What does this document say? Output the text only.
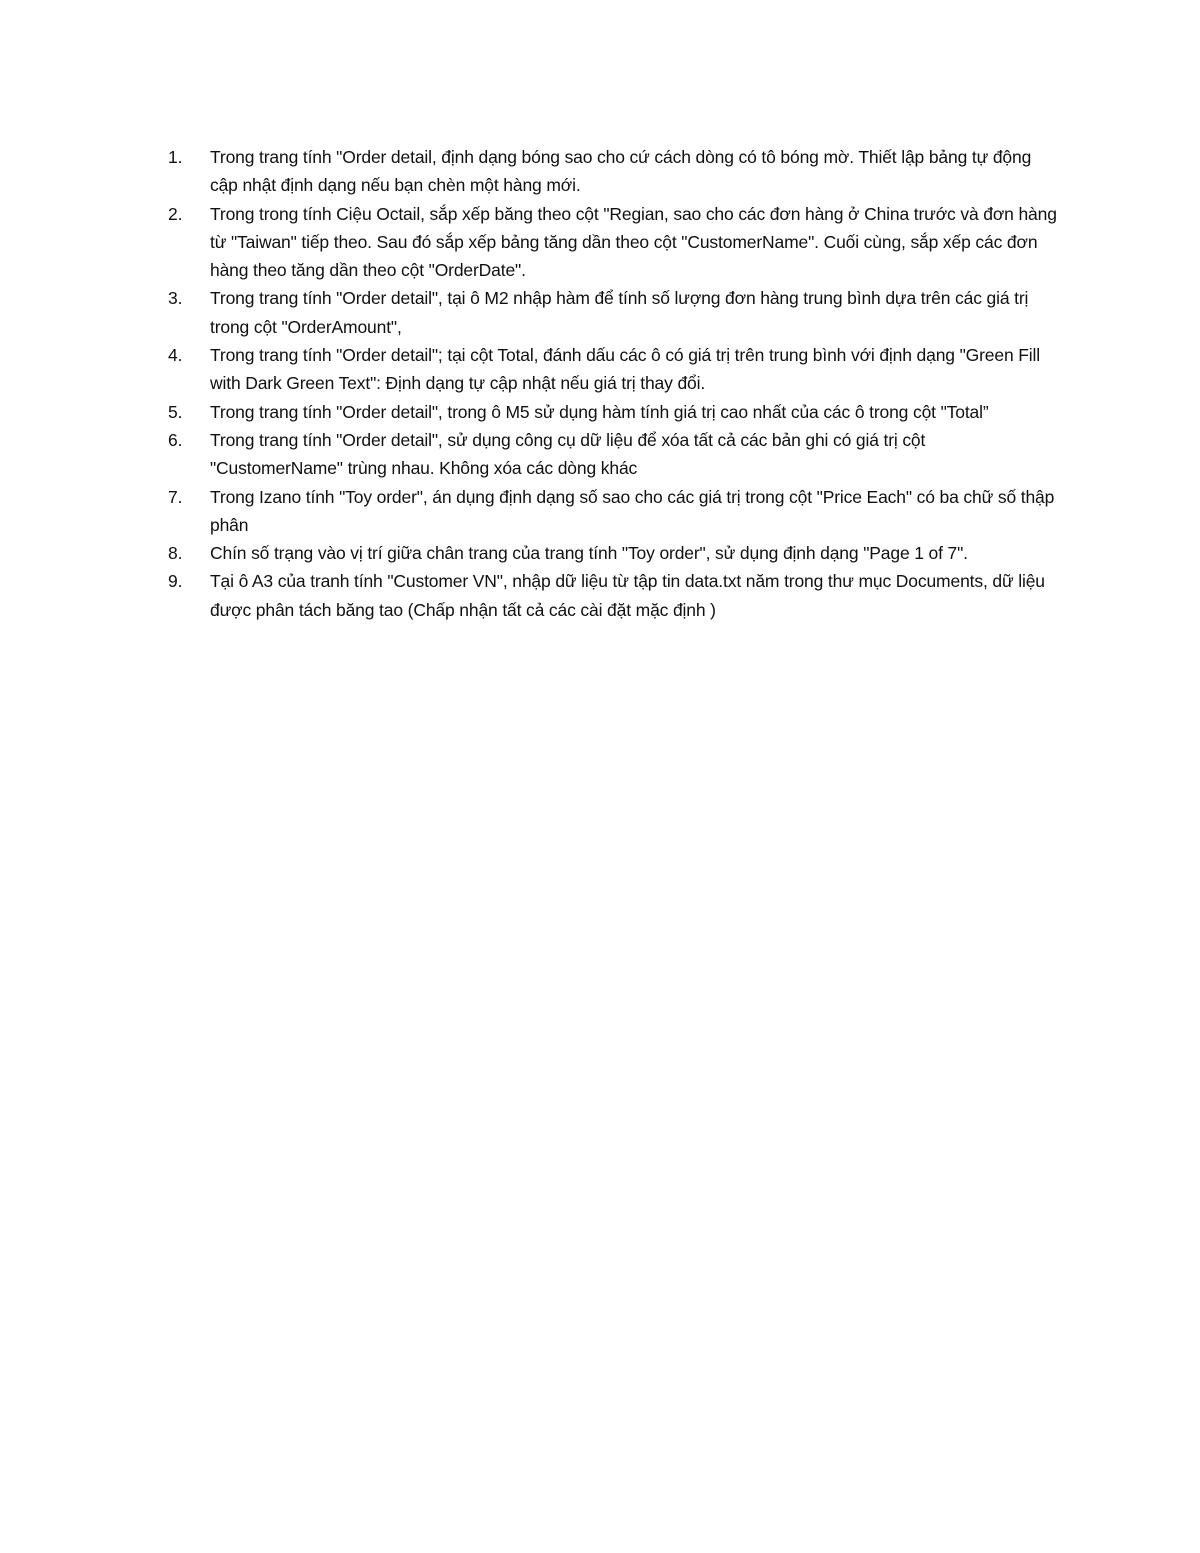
1.	Trong trang tính "Order detail, định dạng bóng sao cho cứ cách dòng có tô bóng mờ. Thiết lập bảng tự động cập nhật định dạng nếu bạn chèn một hàng mới.
2.	Trong trong tính Ciệu Octail, sắp xếp băng theo cột "Regian, sao cho các đơn hàng ở China trước và đơn hàng từ "Taiwan" tiếp theo. Sau đó sắp xếp bảng tăng dần theo cột "CustomerName". Cuối cùng, sắp xếp các đơn hàng theo tăng dần theo cột "OrderDate".
3.	Trong trang tính "Order detail", tại ô M2 nhập hàm để tính số lượng đơn hàng trung bình dựa trên các giá trị trong cột "OrderAmount",
4.	Trong trang tính "Order detail"; tại cột Total, đánh dấu các ô có giá trị trên trung bình với định dạng "Green Fill with Dark Green Text": Định dạng tự cập nhật nếu giá trị thay đổi.
5.	Trong trang tính "Order detail", trong ô M5 sử dụng hàm tính giá trị cao nhất của các ô trong cột "Total”
6.	Trong trang tính "Order detail", sử dụng công cụ dữ liệu để xóa tất cả các bản ghi có giá trị cột "CustomerName" trùng nhau. Không xóa các dòng khác
7.	Trong Izano tính "Toy order", án dụng định dạng số sao cho các giá trị trong cột "Price Each" có ba chữ số thập phân
8.	Chín số trạng vào vị trí giữa chân trang của trang tính "Toy order", sử dụng định dạng "Page 1 of 7".
9.	Tại ô A3 của tranh tính "Customer VN", nhập dữ liệu từ tập tin data.txt năm trong thư mục Documents, dữ liệu được phân tách băng tao (Chấp nhận tất cả các cài đặt mặc định )
